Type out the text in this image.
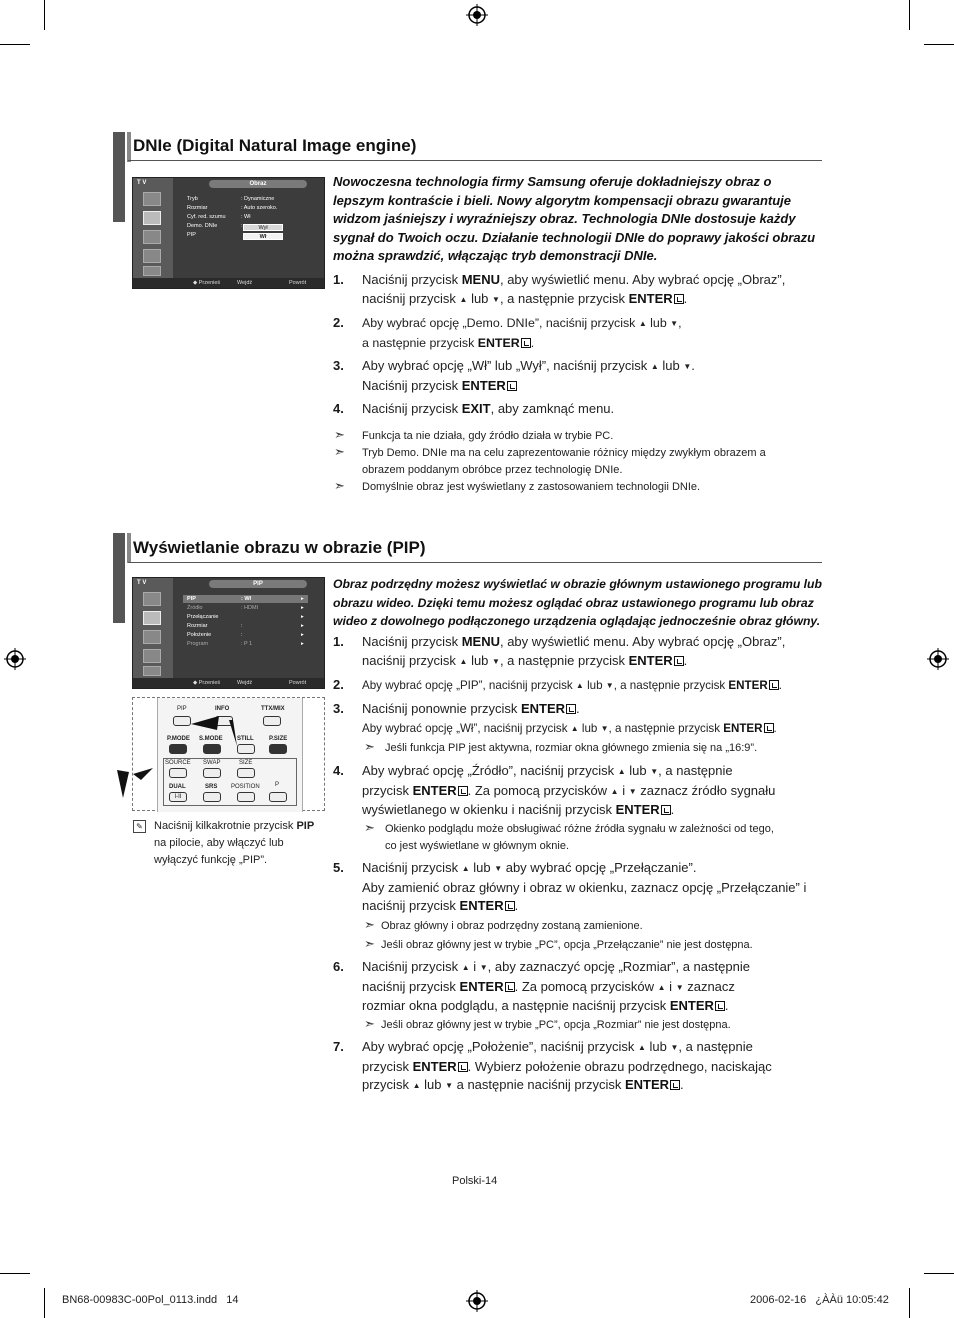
DNIe (Digital Natural Image engine)
T V	Obraz
Tryb	: Dynamiczne
Rozmiar	: Auto szeroko.
Cyf. red. szumu	: Wł
Demo. DNIe	:
PIP
Wył
Wł
◆ Przenieś	Wejdź	Powrót
Nowoczesna technologia firmy Samsung oferuje dokładniejszy obraz o lepszym kontraście i bieli. Nowy algorytm kompensacji obrazu gwarantuje widzom jaśniejszy i wyraźniejszy obraz. Technologia DNIe dostosuje każdy sygnał do Twoich oczu. Działanie technologii DNIe do poprawy jakości obrazu można sprawdzić, włączając tryb demonstracji DNIe.
1. Naciśnij przycisk MENU, aby wyświetlić menu. Aby wybrać opcję „Obraz”,
naciśnij przycisk ▲ lub ▼, a następnie przycisk ENTER .
2. Aby wybrać opcję „Demo. DNIe”, naciśnij przycisk ▲ lub ▼,
a następnie przycisk ENTER .
3. Aby wybrać opcję „Wł” lub „Wył”, naciśnij przycisk ▲ lub ▼.
Naciśnij przycisk ENTER
4. Naciśnij przycisk EXIT, aby zamknąć menu.
➣ Funkcja ta nie działa, gdy źródło działa w trybie PC.
➣ Tryb Demo. DNIe ma na celu zaprezentowanie różnicy między zwykłym obrazem a
obrazem poddanym obróbce przez technologię DNIe.
➣ Domyślnie obraz jest wyświetlany z zastosowaniem technologii DNIe.
Wyświetlanie obrazu w obrazie (PIP)
T V	PIP
PIP	: Wł	▸
Źródło	: HDMI	▸
Przełączanie	▸
Rozmiar	:	▸
Położenie	:	▸
Program	: P 1	▸
◆ Przenieś	Wejdź	Powrót
PIP	INFO	TTX/MIX
P.MODE S.MODE STILL	P.SIZE
SOURCE SWAP	SIZE
DUAL	SRS POSITION	P
I-II
✎ Naciśnij kilkakrotnie przycisk PIP na pilocie, aby włączyć lub wyłączyć funkcję „PIP”.
Obraz podrzędny możesz wyświetlać w obrazie głównym ustawionego programu lub obrazu wideo. Dzięki temu możesz oglądać obraz ustawionego programu lub obraz wideo z dowolnego podłączonego urządzenia oglądając jednocześnie obraz główny.
1. Naciśnij przycisk MENU, aby wyświetlić menu. Aby wybrać opcję „Obraz”,
naciśnij przycisk ▲ lub ▼, a następnie przycisk ENTER .
2. Aby wybrać opcję „PIP”, naciśnij przycisk ▲ lub ▼, a następnie przycisk ENTER .
3. Naciśnij ponownie przycisk ENTER .
Aby wybrać opcję „Wł”, naciśnij przycisk ▲ lub ▼, a następnie przycisk ENTER .
➣ Jeśli funkcja PIP jest aktywna, rozmiar okna głównego zmienia się na „16:9”.
4. Aby wybrać opcję „Źródło”, naciśnij przycisk ▲ lub ▼, a następnie
przycisk ENTER . Za pomocą przycisków ▲ i ▼ zaznacz źródło sygnału
wyświetlanego w okienku i naciśnij przycisk ENTER .
➣ Okienko podglądu może obsługiwać różne źródła sygnału w zależności od tego,
co jest wyświetlane w głównym oknie.
5. Naciśnij przycisk ▲ lub ▼ aby wybrać opcję „Przełączanie”.
Aby zamienić obraz główny i obraz w okienku, zaznacz opcję „Przełączanie” i
naciśnij przycisk ENTER .
➣ Obraz główny i obraz podrzędny zostaną zamienione.
➣ Jeśli obraz główny jest w trybie „PC”, opcja „Przełączanie” nie jest dostępna.
6. Naciśnij przycisk ▲ i ▼, aby zaznaczyć opcję „Rozmiar”, a następnie
naciśnij przycisk ENTER . Za pomocą przycisków ▲ i ▼ zaznacz
rozmiar okna podglądu, a następnie naciśnij przycisk ENTER .
➣ Jeśli obraz główny jest w trybie „PC”, opcja „Rozmiar” nie jest dostępna.
7. Aby wybrać opcję „Położenie”, naciśnij przycisk ▲ lub ▼, a następnie
przycisk ENTER . Wybierz położenie obrazu podrzędnego, naciskając
przycisk ▲ lub ▼ a następnie naciśnij przycisk ENTER .
Polski-14
BN68-00983C-00Pol_0113.indd   14	2006-02-16   ¿ÀÀü 10:05:42
